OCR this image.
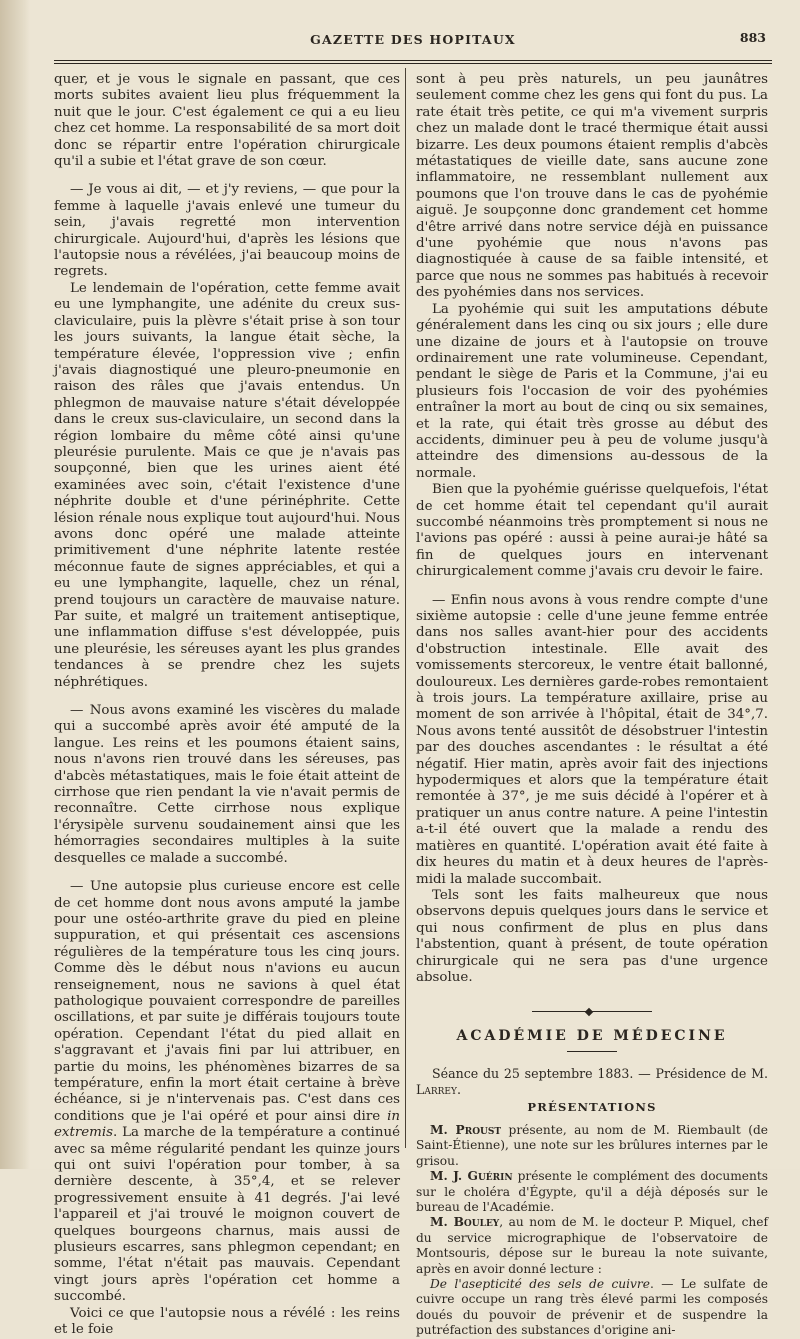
GAZETTE DES HOPITAUX	883

quer, et je vous le signale en passant, que ces morts subites avaient lieu plus fréquemment la nuit que le jour. C'est également ce qui a eu lieu chez cet homme. La responsabilité de sa mort doit donc se répartir entre l'opération chirurgicale qu'il a subie et l'état grave de son cœur.

— Je vous ai dit, — et j'y reviens, — que pour la femme à laquelle j'avais enlevé une tumeur du sein, j'avais regretté mon intervention chirurgicale. Aujourd'hui, d'après les lésions que l'autopsie nous a révélées, j'ai beaucoup moins de regrets.

Le lendemain de l'opération, cette femme avait eu une lymphangite, une adénite du creux sus-claviculaire, puis la plèvre s'était prise à son tour les jours suivants, la langue était sèche, la température élevée, l'oppression vive ; enfin j'avais diagnostiqué une pleuro-pneumonie en raison des râles que j'avais entendus. Un phlegmon de mauvaise nature s'était développée dans le creux sus-claviculaire, un second dans la région lombaire du même côté ainsi qu'une pleurésie purulente. Mais ce que je n'avais pas soupçonné, bien que les urines aient été examinées avec soin, c'était l'existence d'une néphrite double et d'une périnéphrite. Cette lésion rénale nous explique tout aujourd'hui. Nous avons donc opéré une malade atteinte primitivement d'une néphrite latente restée méconnue faute de signes appréciables, et qui a eu une lymphangite, laquelle, chez un rénal, prend toujours un caractère de mauvaise nature. Par suite, et malgré un traitement antiseptique, une inflammation diffuse s'est développée, puis une pleurésie, les séreuses ayant les plus grandes tendances à se prendre chez les sujets néphrétiques.

— Nous avons examiné les viscères du malade qui a succombé après avoir été amputé de la langue. Les reins et les poumons étaient sains, nous n'avons rien trouvé dans les séreuses, pas d'abcès métastatiques, mais le foie était atteint de cirrhose que rien pendant la vie n'avait permis de reconnaître. Cette cirrhose nous explique l'érysipèle survenu soudainement ainsi que les hémorragies secondaires multiples à la suite desquelles ce malade a succombé.

— Une autopsie plus curieuse encore est celle de cet homme dont nous avons amputé la jambe pour une ostéo-arthrite grave du pied en pleine suppuration, et qui présentait ces ascensions régulières de la température tous les cinq jours. Comme dès le début nous n'avions eu aucun renseignement, nous ne savions à quel état pathologique pouvaient correspondre de pareilles oscillations, et par suite je différais toujours toute opération. Cependant l'état du pied allait en s'aggravant et j'avais fini par lui attribuer, en partie du moins, les phénomènes bizarres de sa température, enfin la mort était certaine à brève échéance, si je n'intervenais pas. C'est dans ces conditions que je l'ai opéré et pour ainsi dire in extremis. La marche de la température a continué avec sa même régularité pendant les quinze jours qui ont suivi l'opération pour tomber, à sa dernière descente, à 35°,4, et se relever progressivement ensuite à 41 degrés. J'ai levé l'appareil et j'ai trouvé le moignon couvert de quelques bourgeons charnus, mais aussi de plusieurs escarres, sans phlegmon cependant; en somme, l'état n'était pas mauvais. Cependant vingt jours après l'opération cet homme a succombé.

Voici ce que l'autopsie nous a révélé : les reins et le foie

sont à peu près naturels, un peu jaunâtres seulement comme chez les gens qui font du pus. La rate était très petite, ce qui m'a vivement surpris chez un malade dont le tracé thermique était aussi bizarre. Les deux poumons étaient remplis d'abcès métastatiques de vieille date, sans aucune zone inflammatoire, ne ressemblant nullement aux poumons que l'on trouve dans le cas de pyohémie aiguë. Je soupçonne donc grandement cet homme d'être arrivé dans notre service déjà en puissance d'une pyohémie que nous n'avons pas diagnostiquée à cause de sa faible intensité, et parce que nous ne sommes pas habitués à recevoir des pyohémies dans nos services.

La pyohémie qui suit les amputations débute généralement dans les cinq ou six jours ; elle dure une dizaine de jours et à l'autopsie on trouve ordinairement une rate volumineuse. Cependant, pendant le siège de Paris et la Commune, j'ai eu plusieurs fois l'occasion de voir des pyohémies entraîner la mort au bout de cinq ou six semaines, et la rate, qui était très grosse au début des accidents, diminuer peu à peu de volume jusqu'à atteindre des dimensions au-dessous de la normale.

Bien que la pyohémie guérisse quelquefois, l'état de cet homme était tel cependant qu'il aurait succombé néanmoins très promptement si nous ne l'avions pas opéré : aussi à peine aurai-je hâté sa fin de quelques jours en intervenant chirurgicalement comme j'avais cru devoir le faire.

— Enfin nous avons à vous rendre compte d'une sixième autopsie : celle d'une jeune femme entrée dans nos salles avant-hier pour des accidents d'obstruction intestinale. Elle avait des vomissements stercoreux, le ventre était ballonné, douloureux. Les dernières garde-robes remontaient à trois jours. La température axillaire, prise au moment de son arrivée à l'hôpital, était de 34°,7. Nous avons tenté aussitôt de désobstruer l'intestin par des douches ascendantes : le résultat a été négatif. Hier matin, après avoir fait des injections hypodermiques et alors que la température était remontée à 37°, je me suis décidé à l'opérer et à pratiquer un anus contre nature. A peine l'intestin a-t-il été ouvert que la malade a rendu des matières en quantité. L'opération avait été faite à dix heures du matin et à deux heures de l'après-midi la malade succombait.

Tels sont les faits malheureux que nous observons depuis quelques jours dans le service et qui nous confirment de plus en plus dans l'abstention, quant à présent, de toute opération chirurgicale qui ne sera pas d'une urgence absolue.

ACADÉMIE DE MÉDECINE

Séance du 25 septembre 1883. — Présidence de M. Larrey.

PRÉSENTATIONS

M. Proust présente, au nom de M. Riembault (de Saint-Étienne), une note sur les brûlures internes par le grisou.

M. J. Guérin présente le complément des documents sur le choléra d'Égypte, qu'il a déjà déposés sur le bureau de l'Académie.

M. Bouley, au nom de M. le docteur P. Miquel, chef du service micrographique de l'observatoire de Montsouris, dépose sur le bureau la note suivante, après en avoir donné lecture :

De l'asepticité des sels de cuivre. — Le sulfate de cuivre occupe un rang très élevé parmi les composés doués du pouvoir de prévenir et de suspendre la putréfaction des substances d'origine ani-
